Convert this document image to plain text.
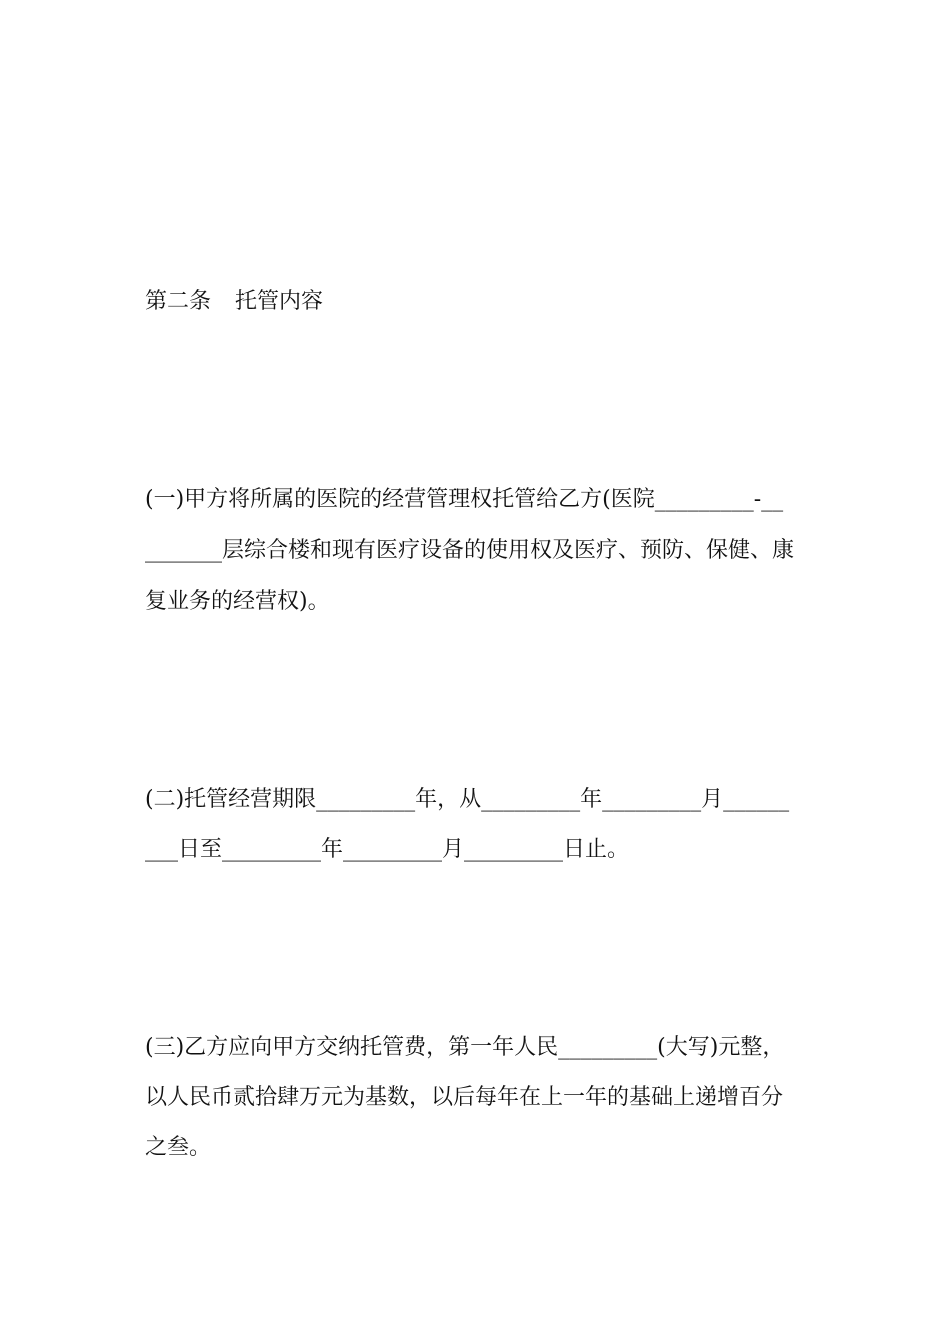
第二条 托管内容
(一)甲方将所属的医院的经营管理权托管给乙方(医院_________-__
_______层综合楼和现有医疗设备的使用权及医疗、预防、保健、康
复业务的经营权)。
(二)托管经营期限_________年，从_________年_________月______
___日至_________年_________月_________日止。
(三)乙方应向甲方交纳托管费，第一年人民_________(大写)元整，
以人民币贰拾肆万元为基数，以后每年在上一年的基础上递增百分
之叁。
